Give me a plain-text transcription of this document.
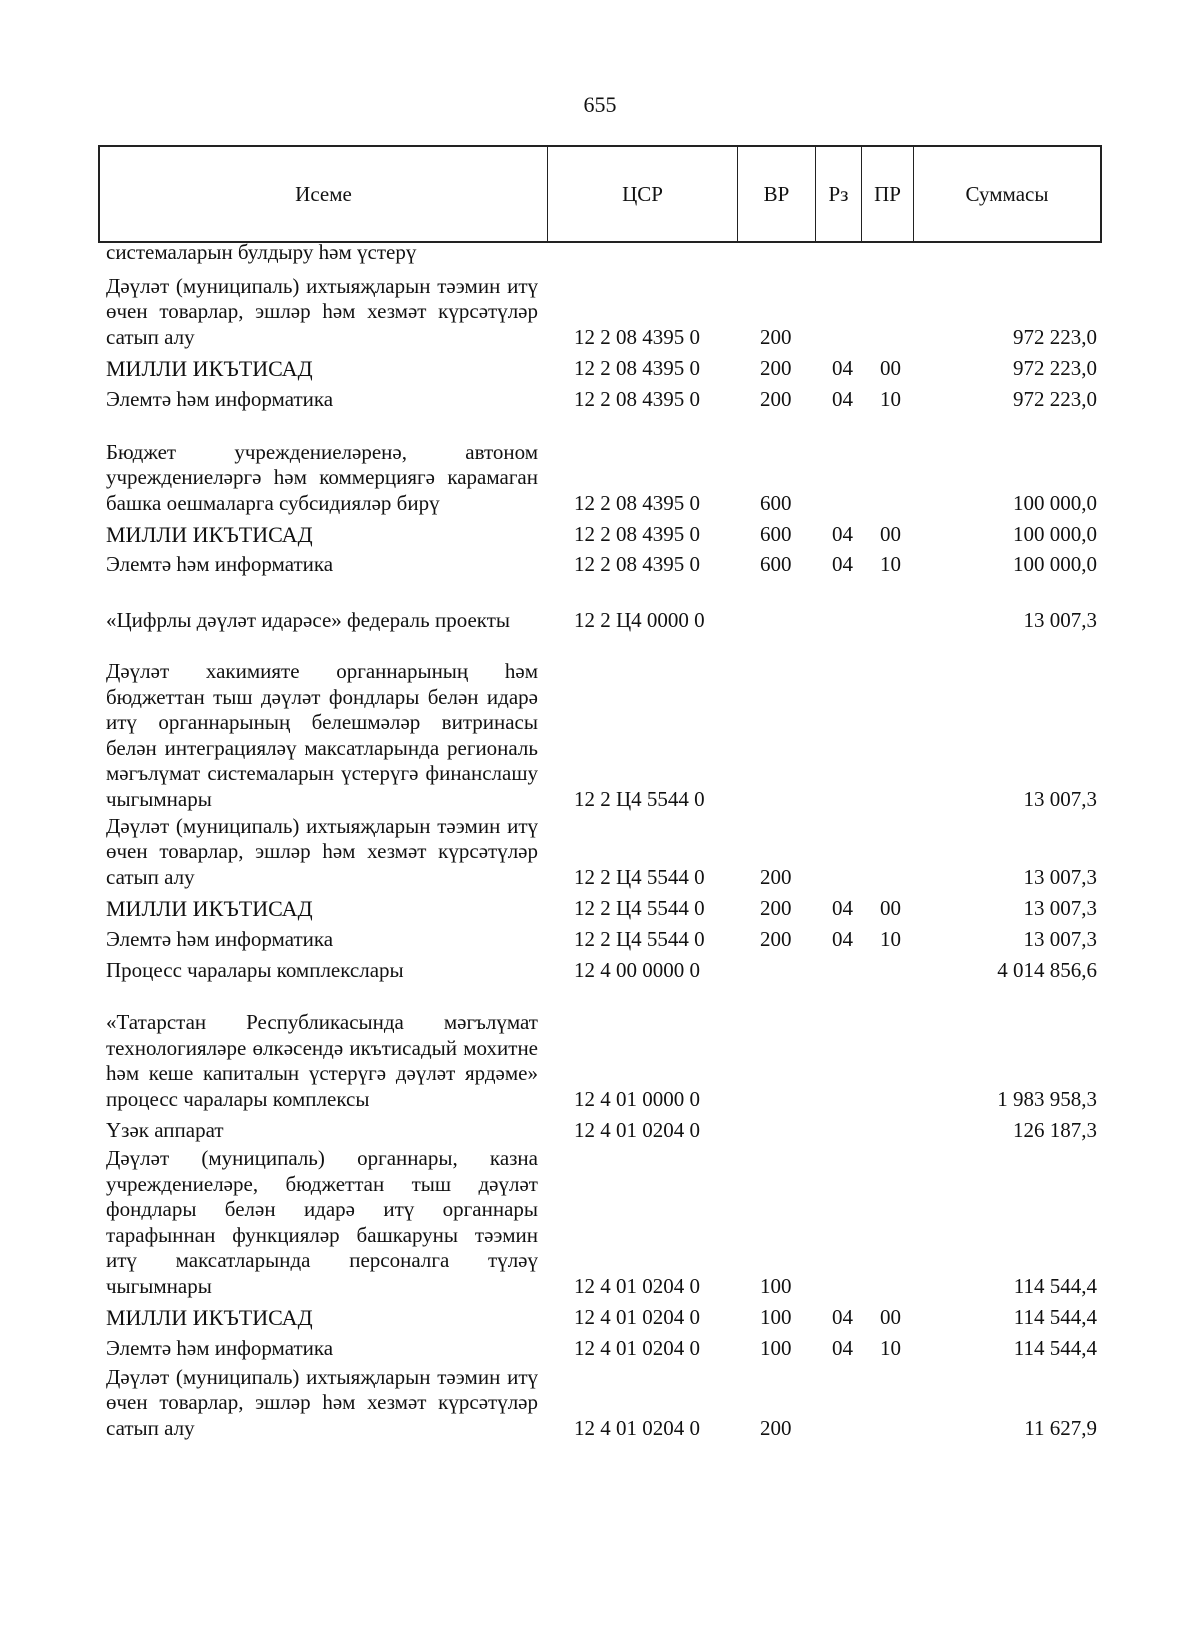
655
Исеме	ЦСР	ВР	Рз	ПР	Суммасы
системаларын булдыру һәм үстерү
Дәүләт (муниципаль) ихтыяҗларын тәэмин итү өчен товарлар, эшләр һәм хезмәт күрсәтүләр сатып алу	12 2 08 4395 0	200	972 223,0
МИЛЛИ ИКЪТИСАД	12 2 08 4395 0	200 04 00	972 223,0
Элемтә һәм информатика	12 2 08 4395 0	200 04 10	972 223,0
Бюджет учреждениеләренә, автоном учреждениеләргә һәм коммерциягә карамаган башка оешмаларга субсидияләр бирү	12 2 08 4395 0	600	100 000,0
МИЛЛИ ИКЪТИСАД	12 2 08 4395 0	600 04 00	100 000,0
Элемтә һәм информатика	12 2 08 4395 0	600 04 10	100 000,0
«Цифрлы дәүләт идарәсе» федераль проекты	12 2 Ц4 0000 0	13 007,3
Дәүләт хакимияте органнарының һәм бюджеттан тыш дәүләт фондлары белән идарә итү органнарының белешмәләр витринасы белән интеграцияләү максатларында региональ мәгълүмат системаларын үстерүгә финанслашу чыгымнары	12 2 Ц4 5544 0	13 007,3
Дәүләт (муниципаль) ихтыяҗларын тәэмин итү өчен товарлар, эшләр һәм хезмәт күрсәтүләр сатып алу	12 2 Ц4 5544 0	200	13 007,3
МИЛЛИ ИКЪТИСАД	12 2 Ц4 5544 0	200 04 00	13 007,3
Элемтә һәм информатика	12 2 Ц4 5544 0	200 04 10	13 007,3
Процесс чаралары комплекслары	12 4 00 0000 0	4 014 856,6
«Татарстан Республикасында мәгълүмат технологияләре өлкәсендә икътисадый мохитне һәм кеше капиталын үстерүгә дәүләт ярдәме» процесс чаралары комплексы	12 4 01 0000 0	1 983 958,3
Үзәк аппарат	12 4 01 0204 0	126 187,3
Дәүләт (муниципаль) органнары, казна учреждениеләре, бюджеттан тыш дәүләт фондлары белән идарә итү органнары тарафыннан функцияләр башкаруны тәэмин итү максатларында персоналга түләү чыгымнары	12 4 01 0204 0	100	114 544,4
МИЛЛИ ИКЪТИСАД	12 4 01 0204 0	100 04 00	114 544,4
Элемтә һәм информатика	12 4 01 0204 0	100 04 10	114 544,4
Дәүләт (муниципаль) ихтыяҗларын тәэмин итү өчен товарлар, эшләр һәм хезмәт күрсәтүләр сатып алу	12 4 01 0204 0	200	11 627,9
